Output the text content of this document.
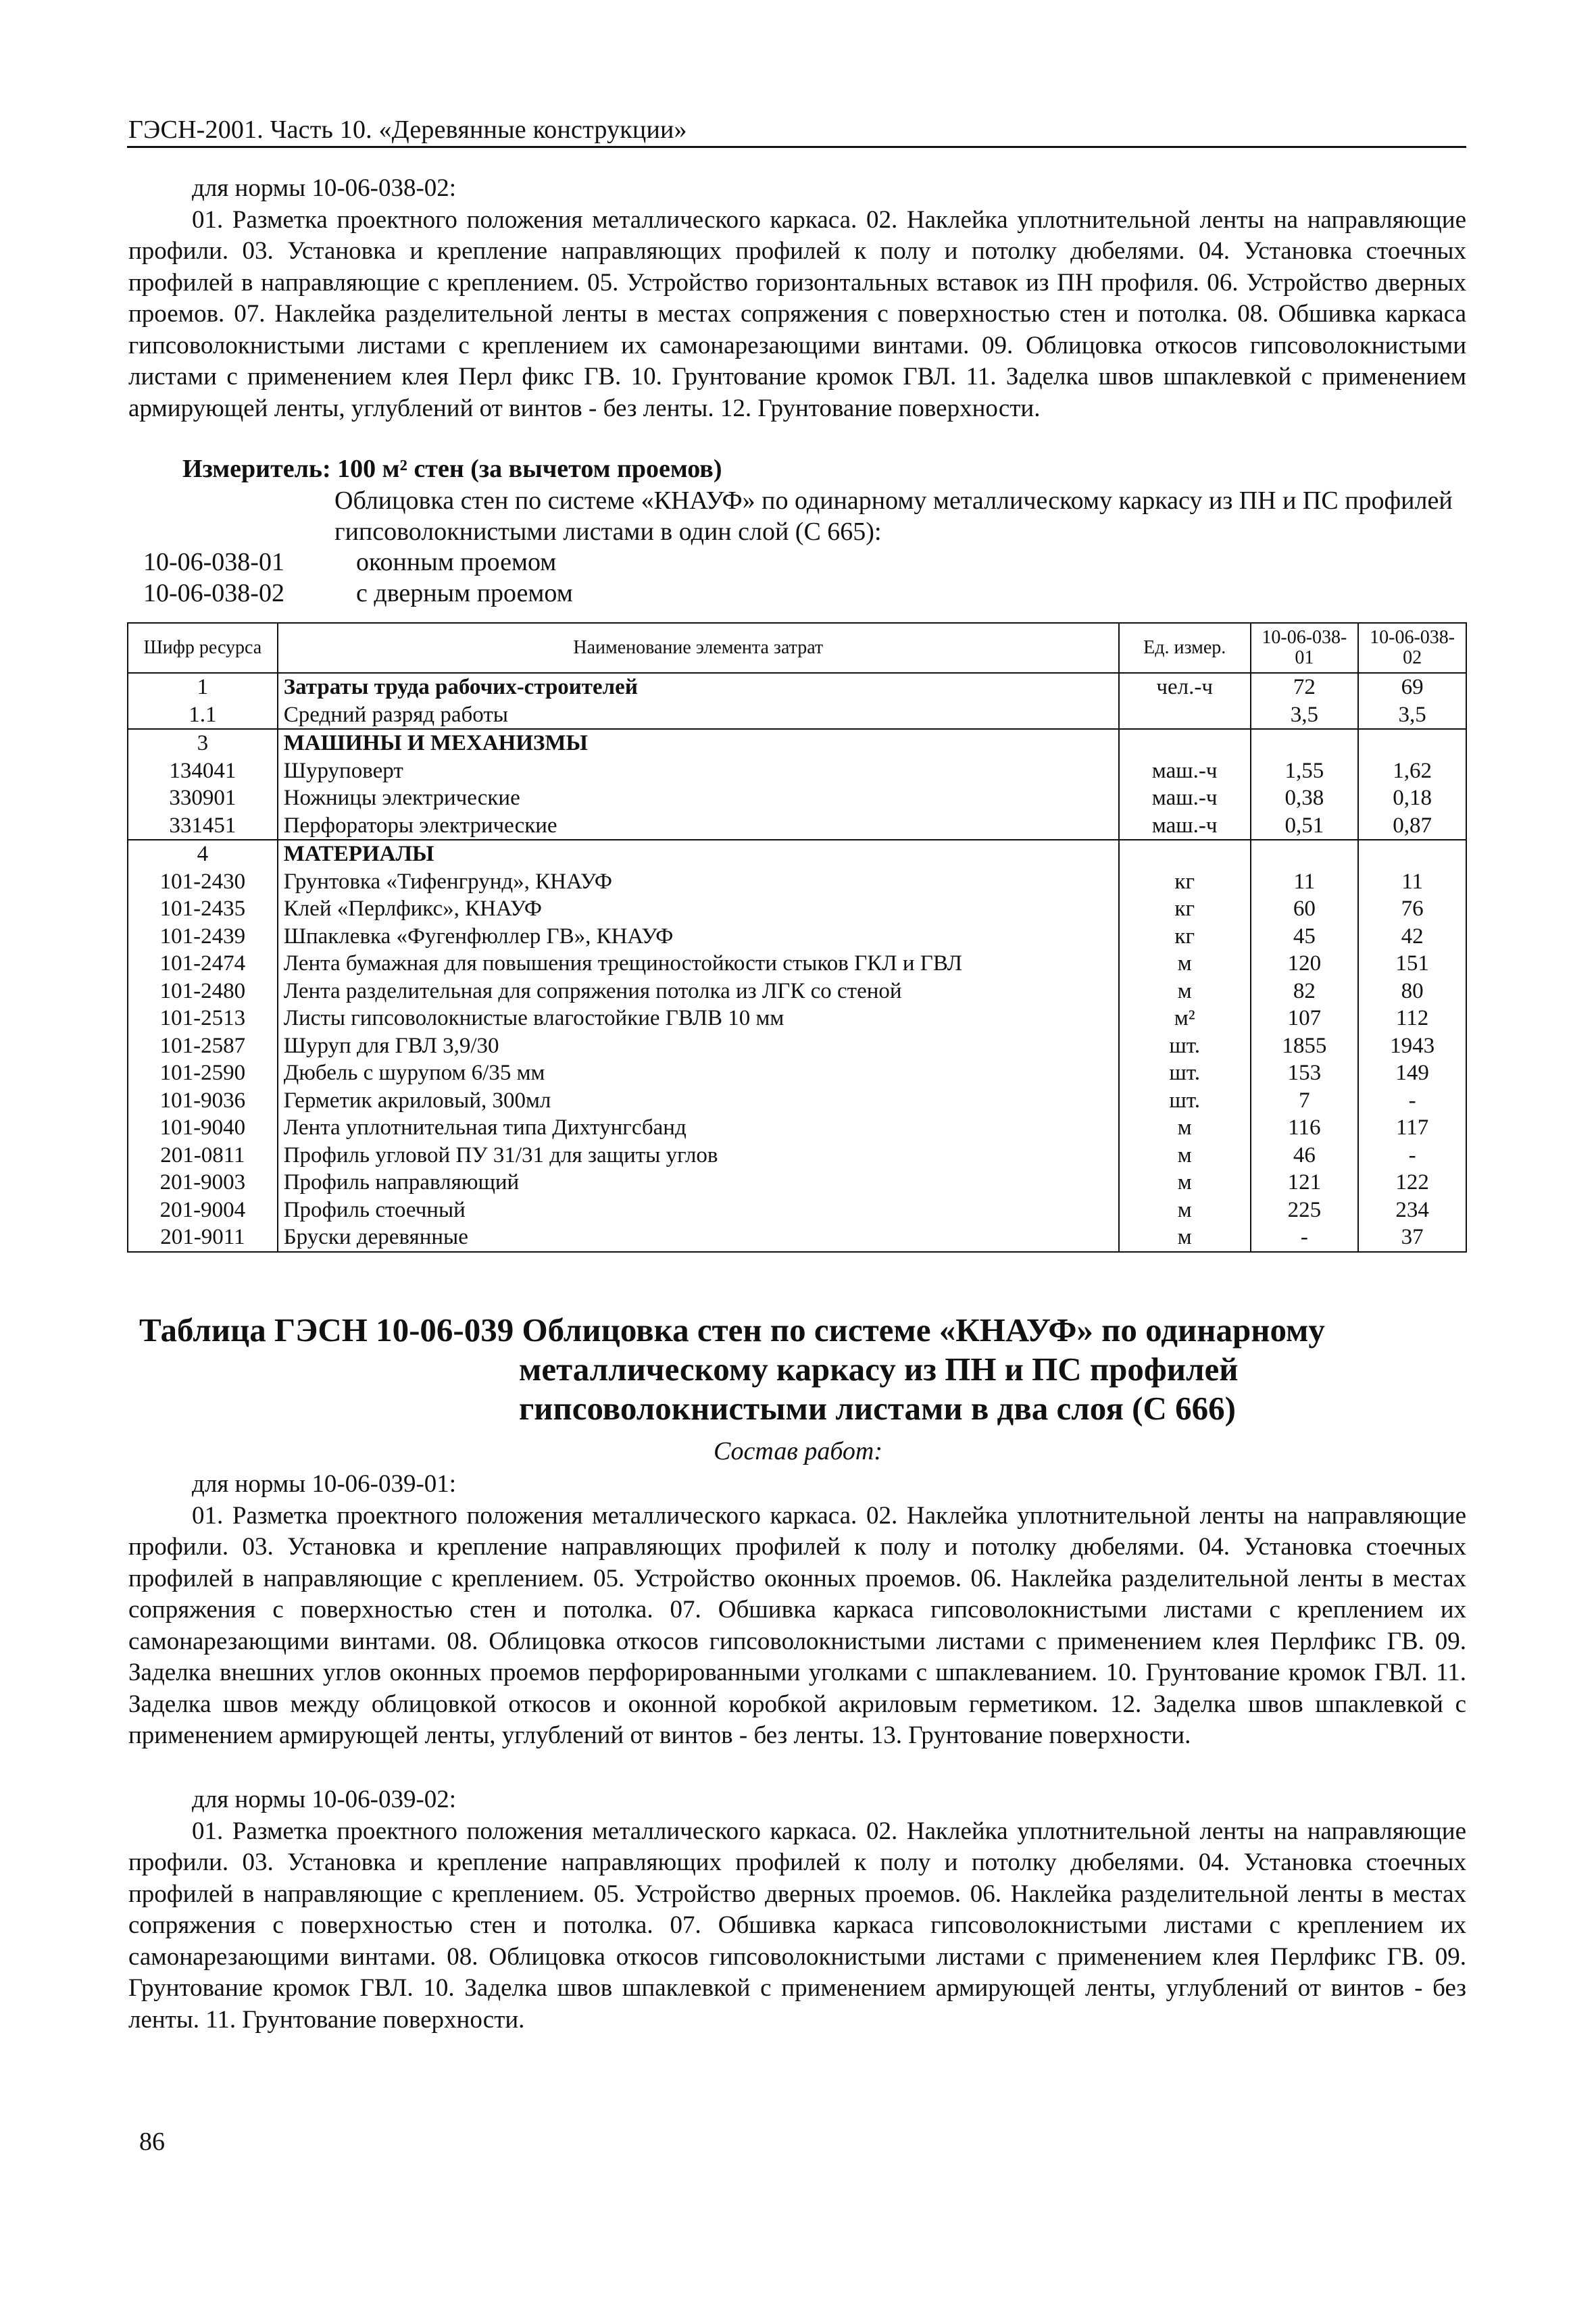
ГЭСН-2001. Часть 10. «Деревянные конструкции»

для нормы 10-06-038-02:

01. Разметка проектного положения металлического каркаса. 02. Наклейка уплотнительной ленты на направляющие профили. 03. Установка и крепление направляющих профилей к полу и потолку дюбелями. 04. Установка стоечных профилей в направляющие с креплением. 05. Устройство горизонтальных вставок из ПН профиля. 06. Устройство дверных проемов. 07. Наклейка разделительной ленты в местах сопряжения с поверхностью стен и потолка. 08. Обшивка каркаса гипсоволокнистыми листами с креплением их самонарезающими винтами. 09. Облицовка откосов гипсоволокнистыми листами с применением клея Перл фикс ГВ. 10. Грунтование кромок ГВЛ. 11. Заделка швов шпаклевкой с применением армирующей ленты, углублений от винтов - без ленты. 12. Грунтование поверхности.

Измеритель: 100 м² стен (за вычетом проемов)
Облицовка стен по системе «КНАУФ» по одинарному металлическому каркасу из ПН и ПС профилей гипсоволокнистыми листами в один слой (С 665):
10-06-038-01	оконным проемом
10-06-038-02	с дверным проемом
Шифр ресурса	Наименование элемента затрат	Ед. измер.	10-06-038-01	10-06-038-02
1	Затраты труда рабочих-строителей	чел.-ч	72	69
1.1	Средний разряд работы		3,5	3,5
3	МАШИНЫ И МЕХАНИЗМЫ			
134041	Шуруповерт	маш.-ч	1,55	1,62
330901	Ножницы электрические	маш.-ч	0,38	0,18
331451	Перфораторы электрические	маш.-ч	0,51	0,87
4	МАТЕРИАЛЫ			
101-2430	Грунтовка «Тифенгрунд», КНАУФ	кг	11	11
101-2435	Клей «Перлфикс», КНАУФ	кг	60	76
101-2439	Шпаклевка «Фугенфюллер ГВ», КНАУФ	кг	45	42
101-2474	Лента бумажная для повышения трещиностойкости стыков ГКЛ и ГВЛ	м	120	151
101-2480	Лента разделительная для сопряжения потолка из ЛГК со стеной	м	82	80
101-2513	Листы гипсоволокнистые влагостойкие ГВЛВ 10 мм	м²	107	112
101-2587	Шуруп для ГВЛ 3,9/30	шт.	1855	1943
101-2590	Дюбель с шурупом 6/35 мм	шт.	153	149
101-9036	Герметик акриловый, 300мл	шт.	7	-
101-9040	Лента уплотнительная типа Дихтунгсбанд	м	116	117
201-0811	Профиль угловой ПУ 31/31 для защиты углов	м	46	-
201-9003	Профиль направляющий	м	121	122
201-9004	Профиль стоечный	м	225	234
201-9011	Бруски деревянные	м	-	37
Таблица ГЭСН 10-06-039 Облицовка стен по системе «КНАУФ» по одинарному
металлическому каркасу из ПН и ПС профилей
гипсоволокнистыми листами в два слоя (С 666)
Состав работ:

для нормы 10-06-039-01:

01. Разметка проектного положения металлического каркаса. 02. Наклейка уплотнительной ленты на направляющие профили. 03. Установка и крепление направляющих профилей к полу и потолку дюбелями. 04. Установка стоечных профилей в направляющие с креплением. 05. Устройство оконных проемов. 06. Наклейка разделительной ленты в местах сопряжения с поверхностью стен и потолка. 07. Обшивка каркаса гипсоволокнистыми листами с креплением их самонарезающими винтами. 08. Облицовка откосов гипсоволокнистыми листами с применением клея Перлфикс ГВ. 09. Заделка внешних углов оконных проемов перфорированными уголками с шпаклеванием. 10. Грунтование кромок ГВЛ. 11. Заделка швов между облицовкой откосов и оконной коробкой акриловым герметиком. 12. Заделка швов шпаклевкой с применением армирующей ленты, углублений от винтов - без ленты. 13. Грунтование поверхности.

для нормы 10-06-039-02:

01. Разметка проектного положения металлического каркаса. 02. Наклейка уплотнительной ленты на направляющие профили. 03. Установка и крепление направляющих профилей к полу и потолку дюбелями. 04. Установка стоечных профилей в направляющие с креплением. 05. Устройство дверных проемов. 06. Наклейка разделительной ленты в местах сопряжения с поверхностью стен и потолка. 07. Обшивка каркаса гипсоволокнистыми листами с креплением их самонарезающими винтами. 08. Облицовка откосов гипсоволокнистыми листами с применением клея Перлфикс ГВ. 09. Грунтование кромок ГВЛ. 10. Заделка швов шпаклевкой с применением армирующей ленты, углублений от винтов - без ленты. 11. Грунтование поверхности.

86
